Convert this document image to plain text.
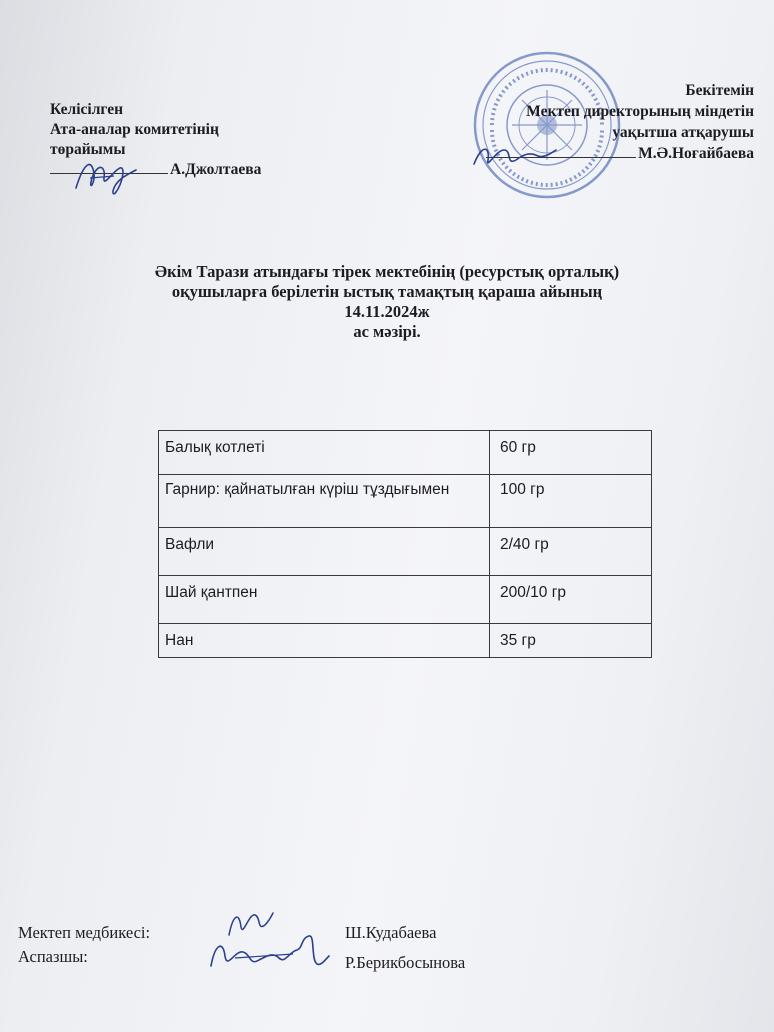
Келісілген
Ата-аналар комитетінің
төрайымы
А.Джолтаева
Бекітемін
Мектеп директорының міндетін
уақытша атқарушы
М.Ә.Ноғайбаева
Әкім Тарази атындағы тірек мектебінің (ресурстық орталық)
оқушыларға берілетін ыстық тамақтың қараша айының
14.11.2024ж
ас мәзірі.
Балық котлеті	60 гр
Гарнир: қайнатылған күріш тұздығымен	100 гр
Вафли	2/40 гр
Шай қантпен	200/10 гр
Нан	35 гр
Мектеп медбикесі:	Ш.Кудабаева
Аспазшы:	Р.Берикбосынова
